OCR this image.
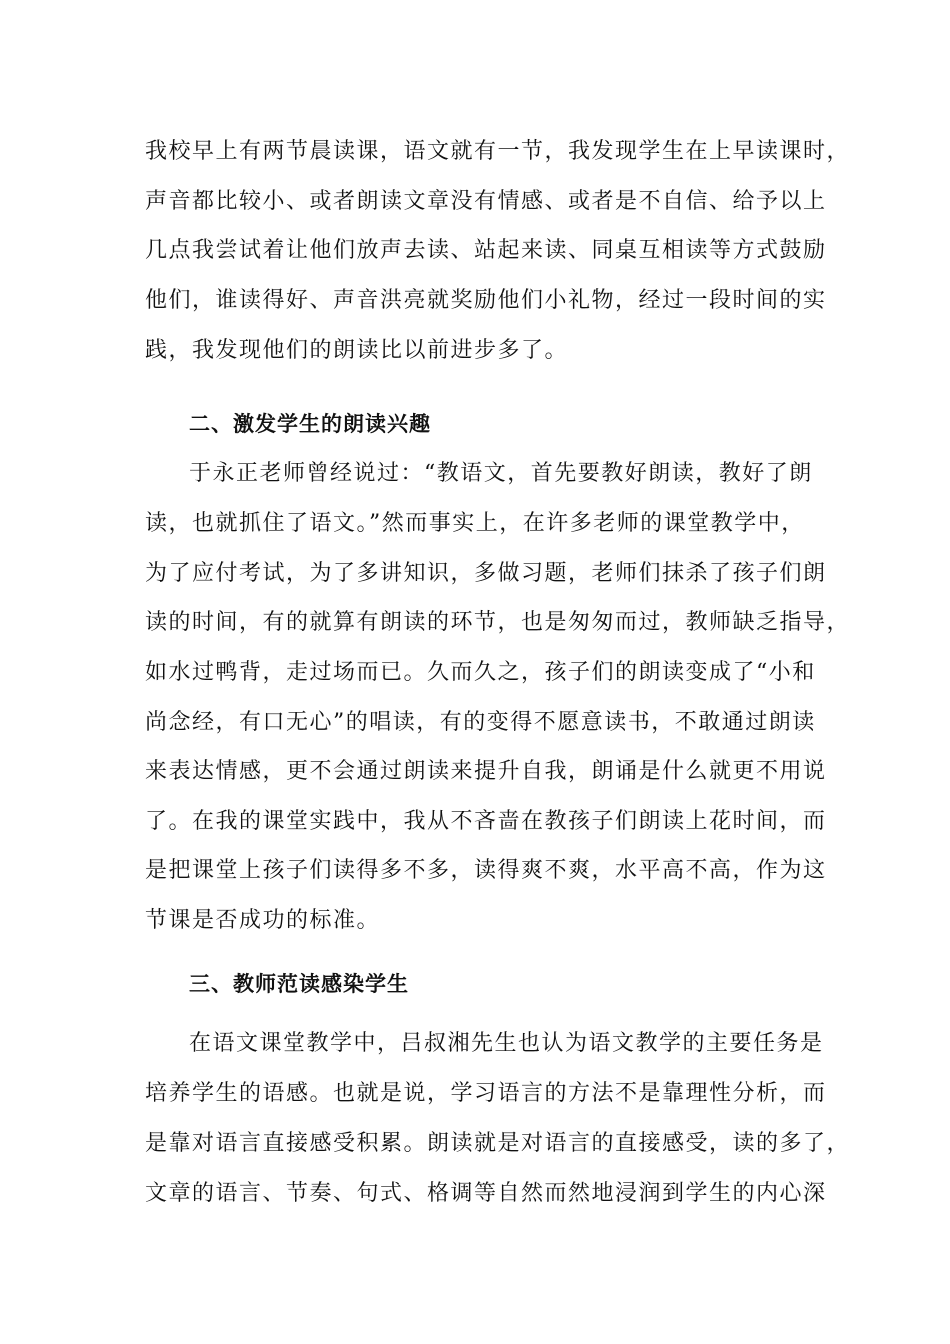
我校早上有两节晨读课，语文就有一节，我发现学生在上早读课时，
声音都比较小、或者朗读文章没有情感、或者是不自信、给予以上
几点我尝试着让他们放声去读、站起来读、同桌互相读等方式鼓励
他们，谁读得好、声音洪亮就奖励他们小礼物，经过一段时间的实
践，我发现他们的朗读比以前进步多了。
二、激发学生的朗读兴趣
于永正老师曾经说过：“教语文，首先要教好朗读，教好了朗
读，也就抓住了语文。”然而事实上，在许多老师的课堂教学中，
为了应付考试，为了多讲知识，多做习题，老师们抹杀了孩子们朗
读的时间，有的就算有朗读的环节，也是匆匆而过，教师缺乏指导，
如水过鸭背，走过场而已。久而久之，孩子们的朗读变成了“小和
尚念经，有口无心”的唱读，有的变得不愿意读书，不敢通过朗读
来表达情感，更不会通过朗读来提升自我，朗诵是什么就更不用说
了。在我的课堂实践中，我从不吝啬在教孩子们朗读上花时间，而
是把课堂上孩子们读得多不多，读得爽不爽，水平高不高，作为这
节课是否成功的标准。
三、教师范读感染学生
在语文课堂教学中，吕叔湘先生也认为语文教学的主要任务是
培养学生的语感。也就是说，学习语言的方法不是靠理性分析，而
是靠对语言直接感受积累。朗读就是对语言的直接感受，读的多了，
文章的语言、节奏、句式、格调等自然而然地浸润到学生的内心深
